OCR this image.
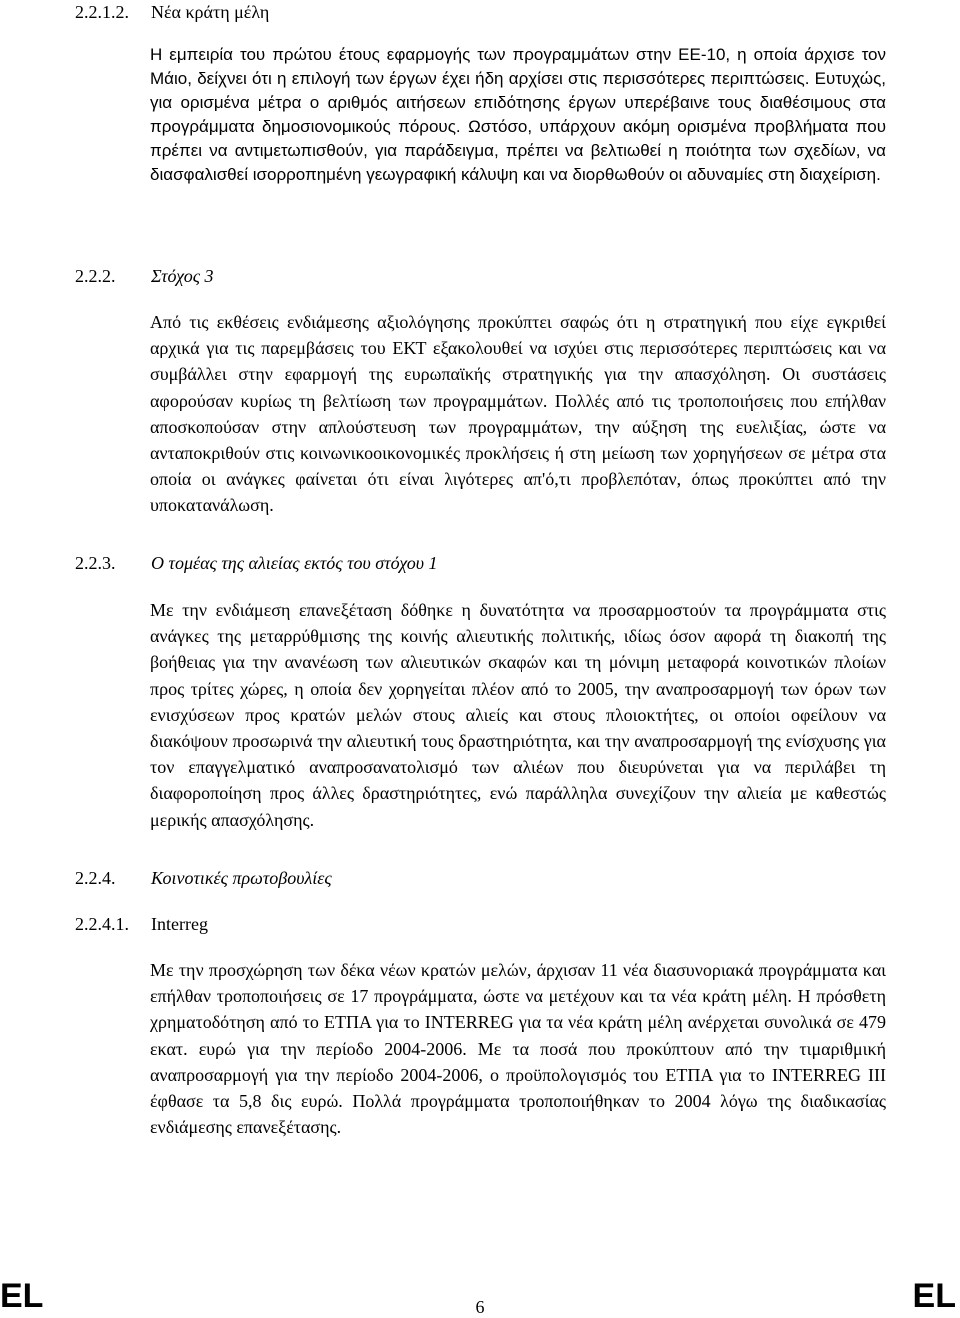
2.2.1.2. Νέα κράτη μέλη

Η εμπειρία του πρώτου έτους εφαρμογής των προγραμμάτων στην ΕΕ-10, η οποία άρχισε τον Μάιο, δείχνει ότι η επιλογή των έργων έχει ήδη αρχίσει στις περισσότερες περιπτώσεις. Ευτυχώς, για ορισμένα μέτρα ο αριθμός αιτήσεων επιδότησης έργων υπερέβαινε τους διαθέσιμους στα προγράμματα δημοσιονομικούς πόρους. Ωστόσο, υπάρχουν ακόμη ορισμένα προβλήματα που πρέπει να αντιμετωπισθούν, για παράδειγμα, πρέπει να βελτιωθεί η ποιότητα των σχεδίων, να διασφαλισθεί ισορροπημένη γεωγραφική κάλυψη και να διορθωθούν οι αδυναμίες στη διαχείριση.

2.2.2. Στόχος 3

Από τις εκθέσεις ενδιάμεσης αξιολόγησης προκύπτει σαφώς ότι η στρατηγική που είχε εγκριθεί αρχικά για τις παρεμβάσεις του ΕΚΤ εξακολουθεί να ισχύει στις περισσότερες περιπτώσεις και να συμβάλλει στην εφαρμογή της ευρωπαϊκής στρατηγικής για την απασχόληση. Οι συστάσεις αφορούσαν κυρίως τη βελτίωση των προγραμμάτων. Πολλές από τις τροποποιήσεις που επήλθαν αποσκοπούσαν στην απλούστευση των προγραμμάτων, την αύξηση της ευελιξίας, ώστε να ανταποκριθούν στις κοινωνικοοικονομικές προκλήσεις ή στη μείωση των χορηγήσεων σε μέτρα στα οποία οι ανάγκες φαίνεται ότι είναι λιγότερες απ'ό,τι προβλεπόταν, όπως προκύπτει από την υποκατανάλωση.

2.2.3. Ο τομέας της αλιείας εκτός του στόχου 1

Με την ενδιάμεση επανεξέταση δόθηκε η δυνατότητα να προσαρμοστούν τα προγράμματα στις ανάγκες της μεταρρύθμισης της κοινής αλιευτικής πολιτικής, ιδίως όσον αφορά τη διακοπή της βοήθειας για την ανανέωση των αλιευτικών σκαφών και τη μόνιμη μεταφορά κοινοτικών πλοίων προς τρίτες χώρες, η οποία δεν χορηγείται πλέον από το 2005, την αναπροσαρμογή των όρων των ενισχύσεων προς κρατών μελών στους αλιείς και στους πλοιοκτήτες, οι οποίοι οφείλουν να διακόψουν προσωρινά την αλιευτική τους δραστηριότητα, και την αναπροσαρμογή της ενίσχυσης για τον επαγγελματικό αναπροσανατολισμό των αλιέων που διευρύνεται για να περιλάβει τη διαφοροποίηση προς άλλες δραστηριότητες, ενώ παράλληλα συνεχίζουν την αλιεία με καθεστώς μερικής απασχόλησης.

2.2.4. Κοινοτικές πρωτοβουλίες
2.2.4.1. Interreg

Με την προσχώρηση των δέκα νέων κρατών μελών, άρχισαν 11 νέα διασυνοριακά προγράμματα και επήλθαν τροποποιήσεις σε 17 προγράμματα, ώστε να μετέχουν και τα νέα κράτη μέλη. Η πρόσθετη χρηματοδότηση από το ΕΤΠΑ για το INTERREG για τα νέα κράτη μέλη ανέρχεται συνολικά σε 479 εκατ. ευρώ για την περίοδο 2004-2006. Με τα ποσά που προκύπτουν από την τιμαριθμική αναπροσαρμογή για την περίοδο 2004-2006, ο προϋπολογισμός του ΕΤΠΑ για το INTERREG III έφθασε τα 5,8 δις ευρώ. Πολλά προγράμματα τροποποιήθηκαν το 2004 λόγω της διαδικασίας ενδιάμεσης επανεξέτασης.

EL	6	EL
